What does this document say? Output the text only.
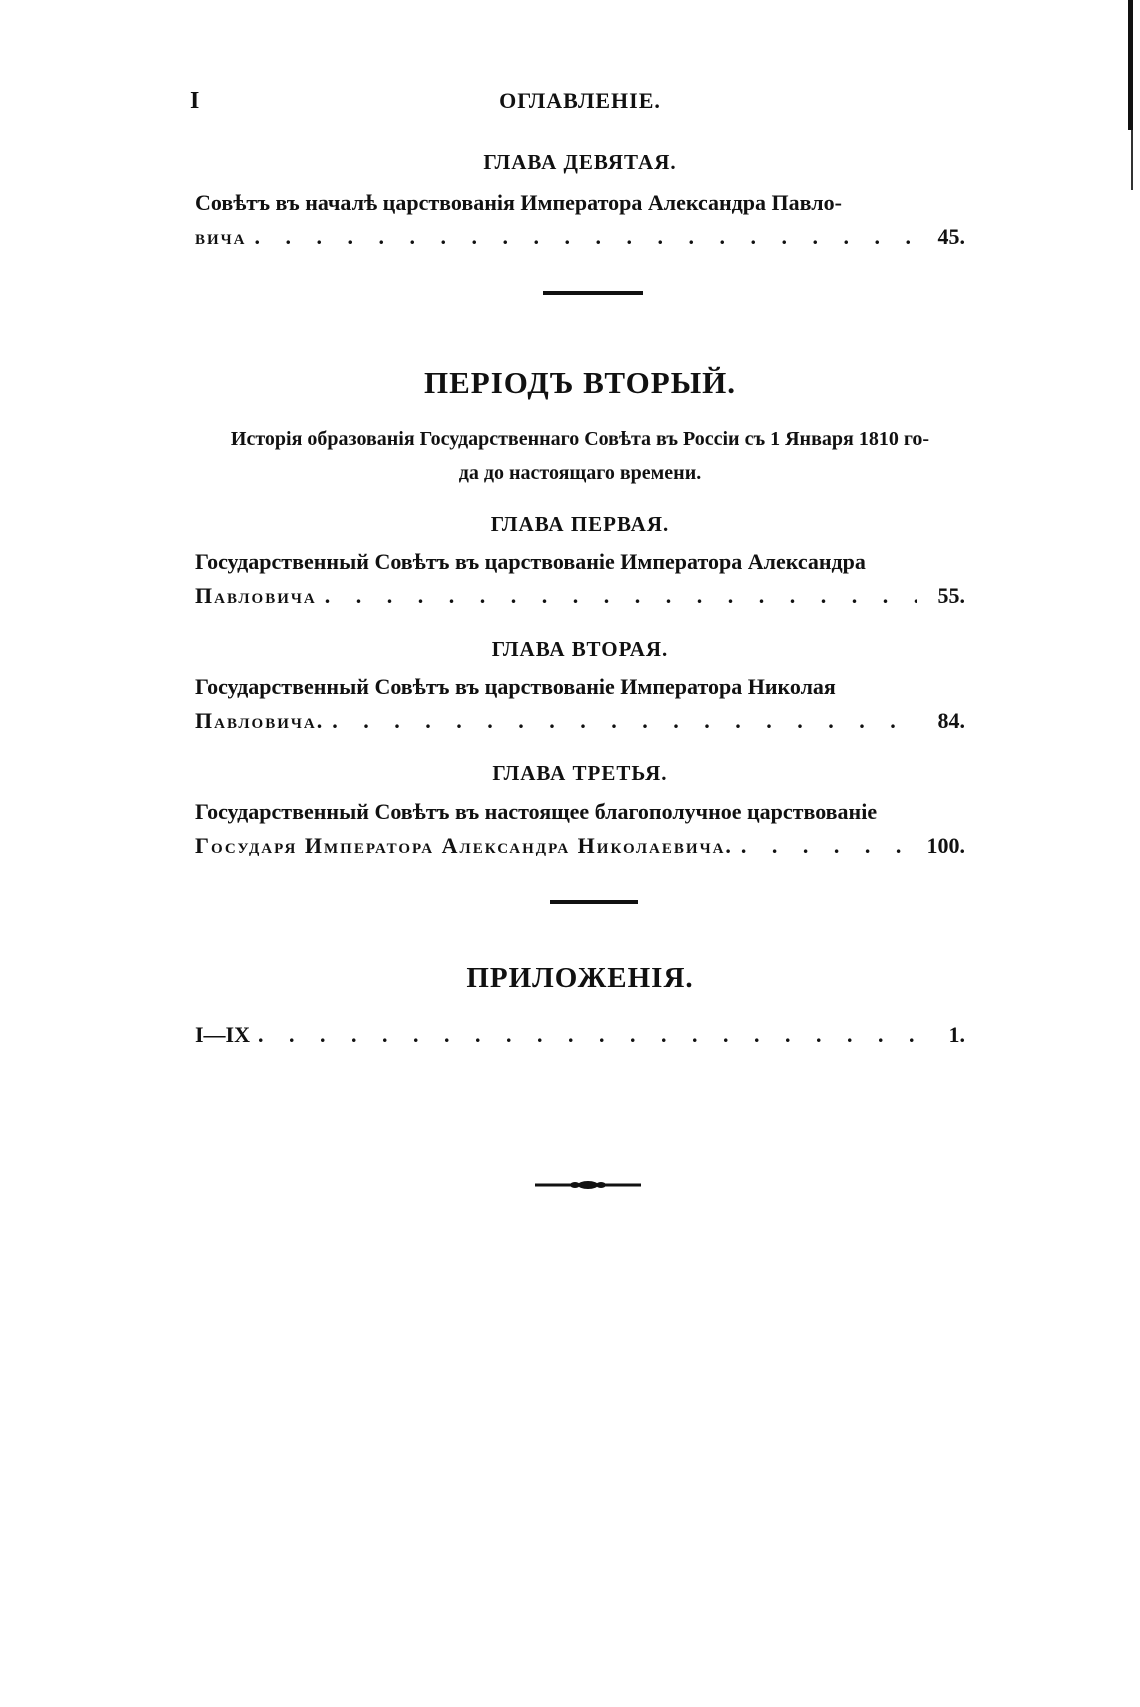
I	ОГЛАВЛЕНІЕ.
ГЛАВА ДЕВЯТАЯ.
Совѣтъ въ началѣ царствованія Императора Александра Павло-
вича . . .	45.
ПЕРІОДЪ ВТОРЫЙ.
Исторія образованія Государственнаго Совѣта въ Россіи съ 1 Января 1810 го-
да до настоящаго времени.
ГЛАВА ПЕРВАЯ.
Государственный Совѣтъ въ царствованіе Императора Александра
Павловича . . .	55.
ГЛАВА ВТОРАЯ.
Государственный Совѣтъ въ царствованіе Императора Николая
Павловича. . . .	84.
ГЛАВА ТРЕТЬЯ.
Государственный Совѣтъ въ настоящее благополучное царствованіе
Государя Императора Александра Николаевича. . . .	100.
ПРИЛОЖЕНІЯ.
I—IX . . .	1.
